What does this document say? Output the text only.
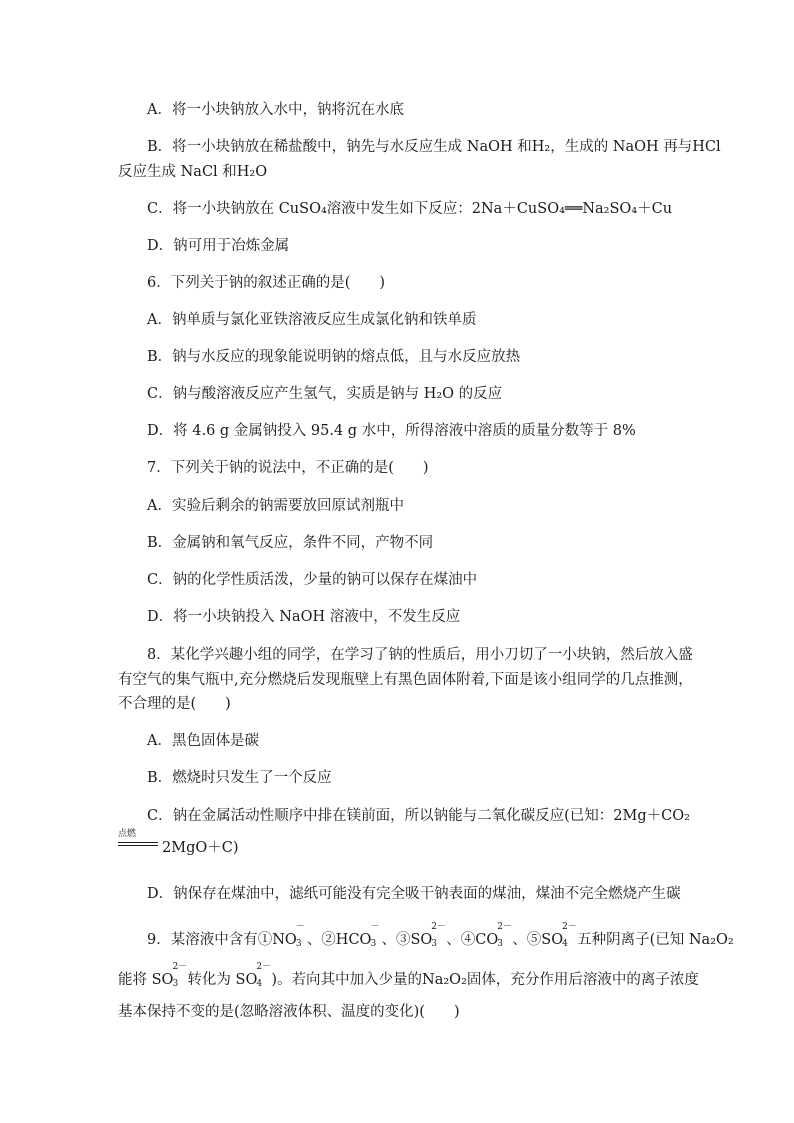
A．将一小块钠放入水中，钠将沉在水底
B．将一小块钠放在稀盐酸中，钠先与水反应生成 NaOH 和H₂，生成的 NaOH 再与HCl
反应生成 NaCl 和H₂O
C．将一小块钠放在 CuSO₄溶液中发生如下反应：2Na＋CuSO₄══Na₂SO₄＋Cu
D．钠可用于冶炼金属
6．下列关于钠的叙述正确的是(　　)
A．钠单质与氯化亚铁溶液反应生成氯化钠和铁单质
B．钠与水反应的现象能说明钠的熔点低，且与水反应放热
C．钠与酸溶液反应产生氢气，实质是钠与 H₂O 的反应
D．将 4.6 g 金属钠投入 95.4 g 水中，所得溶液中溶质的质量分数等于 8%
7．下列关于钠的说法中，不正确的是(　　)
A．实验后剩余的钠需要放回原试剂瓶中
B．金属钠和氧气反应，条件不同，产物不同
C．钠的化学性质活泼，少量的钠可以保存在煤油中
D．将一小块钠投入 NaOH 溶液中，不发生反应
8．某化学兴趣小组的同学，在学习了钠的性质后，用小刀切了一小块钠，然后放入盛
有空气的集气瓶中,充分燃烧后发现瓶壁上有黑色固体附着,下面是该小组同学的几点推测，
不合理的是(　　)
A．黑色固体是碳
B．燃烧时只发生了一个反应
C．钠在金属活动性顺序中排在镁前面，所以钠能与二氧化碳反应(已知：2Mg＋CO₂
点燃
2MgO＋C)
D．钠保存在煤油中，滤纸可能没有完全吸干钠表面的煤油，煤油不完全燃烧产生碳
9．某溶液中含有①NO
－
3 、②HCO
－
3 、③SO
2－
3 、④CO
2－
3 、⑤SO
2－
4 五种阴离子(已知 Na₂O₂
能将 SO
2－
3 转化为 SO
2－
4 )。若向其中加入少量的Na₂O₂固体，充分作用后溶液中的离子浓度
基本保持不变的是(忽略溶液体积、温度的变化)(　　)
